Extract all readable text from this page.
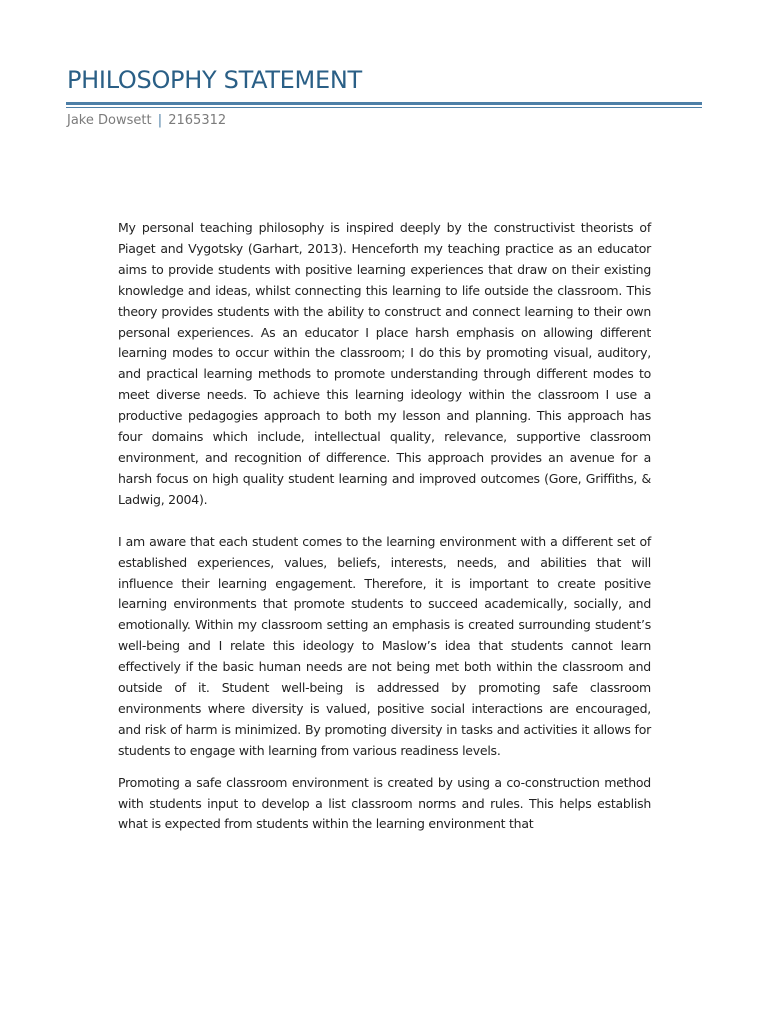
PHILOSOPHY STATEMENT
Jake Dowsett | 2165312

My personal teaching philosophy is inspired deeply by the constructivist theorists of Piaget and Vygotsky (Garhart, 2013). Henceforth my teaching practice as an educator aims to provide students with positive learning experiences that draw on their existing knowledge and ideas, whilst connecting this learning to life outside the classroom. This theory provides students with the ability to construct and connect learning to their own personal experiences. As an educator I place harsh emphasis on allowing different learning modes to occur within the classroom; I do this by promoting visual, auditory, and practical learning methods to promote understanding through different modes to meet diverse needs. To achieve this learning ideology within the classroom I use a productive pedagogies approach to both my lesson and planning. This approach has four domains which include, intellectual quality, relevance, supportive classroom environment, and recognition of difference. This approach provides an avenue for a harsh focus on high quality student learning and improved outcomes (Gore, Griffiths, & Ladwig, 2004).

I am aware that each student comes to the learning environment with a different set of established experiences, values, beliefs, interests, needs, and abilities that will influence their learning engagement. Therefore, it is important to create positive learning environments that promote students to succeed academically, socially, and emotionally. Within my classroom setting an emphasis is created surrounding student’s well-being and I relate this ideology to Maslow’s idea that students cannot learn effectively if the basic human needs are not being met both within the classroom and outside of it. Student well-being is addressed by promoting safe classroom environments where diversity is valued, positive social interactions are encouraged, and risk of harm is minimized. By promoting diversity in tasks and activities it allows for students to engage with learning from various readiness levels.

Promoting a safe classroom environment is created by using a co-construction method with students input to develop a list classroom norms and rules. This helps establish what is expected from students within the learning environment that
